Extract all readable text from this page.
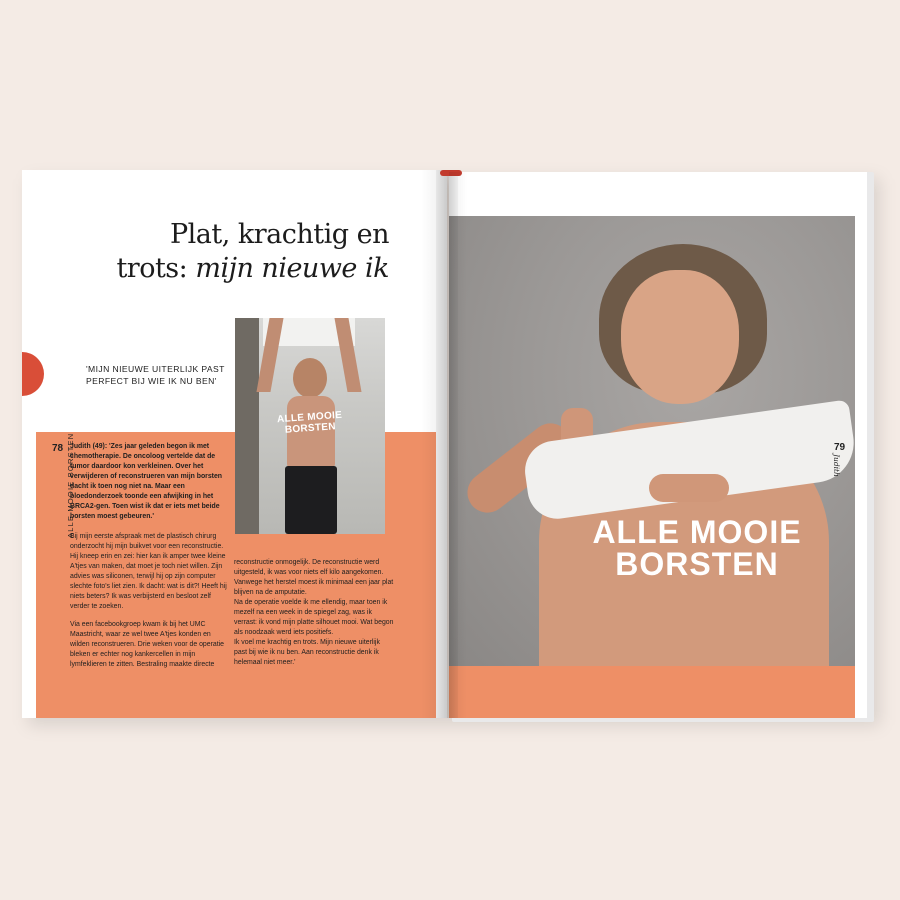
Plat, krachtig en
trots: mijn nieuwe ik
'MIJN NIEUWE UITERLIJK PAST PERFECT BIJ WIE IK NU BEN'
78 ALLE MOOIE BORSTEN

Judith (49): 'Zes jaar geleden begon ik met chemotherapie. De oncoloog vertelde dat de tumor daardoor kon verkleinen. Over het verwijderen of reconstrueren van mijn borsten dacht ik toen nog niet na. Maar een bloedonderzoek toonde een afwijking in het BRCA2-gen. Toen wist ik dat er iets met beide borsten moest gebeuren.'

Bij mijn eerste afspraak met de plastisch chirurg onderzocht hij mijn buikvet voor een reconstructie. Hij kneep erin en zei: hier kan ik amper twee kleine A'tjes van maken, dat moet je toch niet willen. Zijn advies was siliconen, terwijl hij op zijn computer slechte foto's liet zien. Ik dacht: wat is dit?! Heeft hij niets beters? Ik was verbijsterd en besloot zelf verder te zoeken.

Via een facebookgroep kwam ik bij het UMC Maastricht, waar ze wel twee A'tjes konden en wilden reconstrueren. Drie weken voor de operatie bleken er echter nog kankercellen in mijn lymfeklieren te zitten. Bestraling maakte directe

reconstructie onmogelijk. De reconstructie werd uitgesteld, ik was voor niets elf kilo aangekomen. Vanwege het herstel moest ik minimaal een jaar plat blijven na de amputatie.

Na de operatie voelde ik me ellendig, maar toen ik mezelf na een week in de spiegel zag, was ik verrast: ik vond mijn platte silhouet mooi. Wat begon als noodzaak werd iets positiefs.

Ik voel me krachtig en trots. Mijn nieuwe uiterlijk past bij wie ik nu ben. Aan reconstructie denk ik helemaal niet meer.'

ALLE MOOIE
BORSTEN
ALLE MOOIE
BORSTEN
79
Judith
